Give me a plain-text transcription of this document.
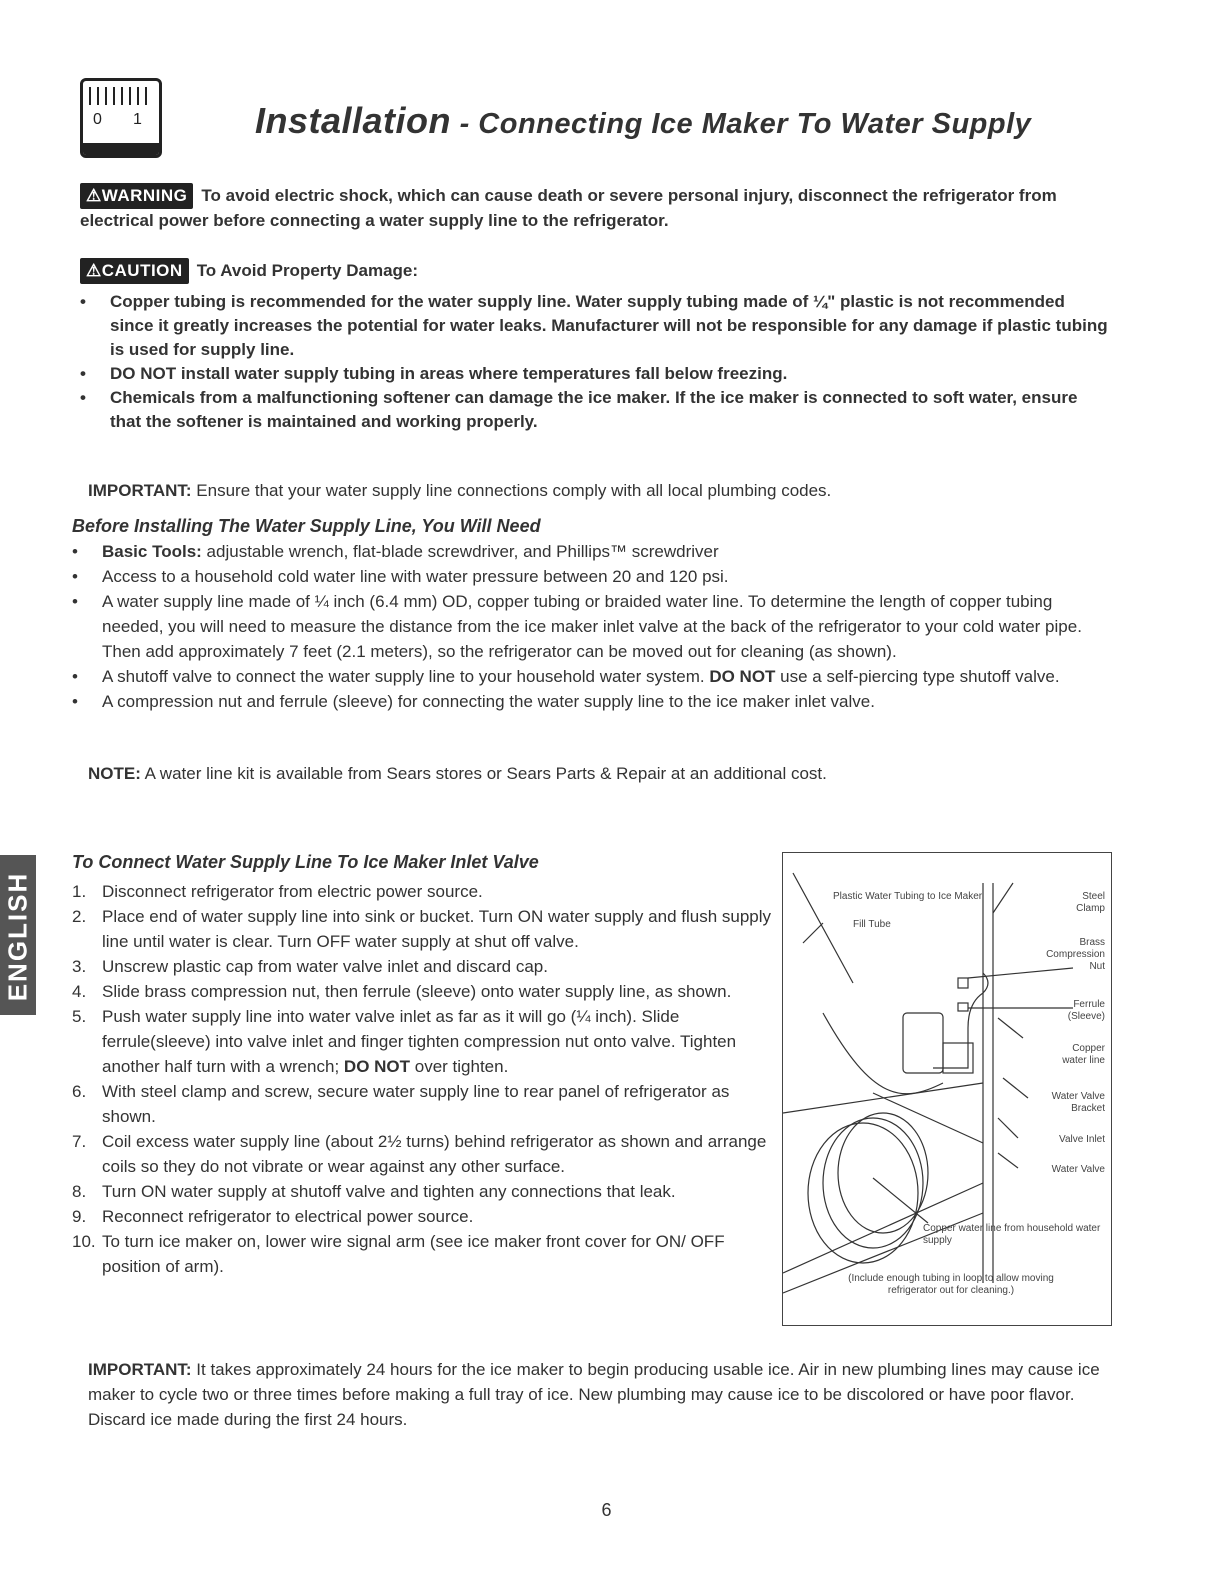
0 1	Installation - Connecting Ice Maker To Water Supply
⚠WARNING To avoid electric shock, which can cause death or severe personal injury, disconnect the refrigerator from electrical power before connecting a water supply line to the refrigerator.
⚠CAUTION To Avoid Property Damage:
• Copper tubing is recommended for the water supply line. Water supply tubing made of ¼" plastic is not recommended since it greatly increases the potential for water leaks. Manufacturer will not be responsible for any damage if plastic tubing is used for supply line.
• DO NOT install water supply tubing in areas where temperatures fall below freezing.
• Chemicals from a malfunctioning softener can damage the ice maker. If the ice maker is connected to soft water, ensure that the softener is maintained and working properly.
IMPORTANT: Ensure that your water supply line connections comply with all local plumbing codes.
Before Installing The Water Supply Line, You Will Need
• Basic Tools: adjustable wrench, flat-blade screwdriver, and Phillips™ screwdriver
• Access to a household cold water line with water pressure between 20 and 120 psi.
• A water supply line made of ¼ inch (6.4 mm) OD, copper tubing or braided water line. To determine the length of copper tubing needed, you will need to measure the distance from the ice maker inlet valve at the back of the refrigerator to your cold water pipe. Then add approximately 7 feet (2.1 meters), so the refrigerator can be moved out for cleaning (as shown).
• A shutoff valve to connect the water supply line to your household water system. DO NOT use a self-piercing type shutoff valve.
• A compression nut and ferrule (sleeve) for connecting the water supply line to the ice maker inlet valve.
NOTE: A water line kit is available from Sears stores or Sears Parts & Repair at an additional cost.
ENGLISH
To Connect Water Supply Line To Ice Maker Inlet Valve
1. Disconnect refrigerator from electric power source.
2. Place end of water supply line into sink or bucket. Turn ON water supply and flush supply line until water is clear. Turn OFF water supply at shut off valve.
3. Unscrew plastic cap from water valve inlet and discard cap.
4. Slide brass compression nut, then ferrule (sleeve) onto water supply line, as shown.
5. Push water supply line into water valve inlet as far as it will go (¼ inch). Slide ferrule(sleeve) into valve inlet and finger tighten compression nut onto valve. Tighten another half turn with a wrench; DO NOT over tighten.
6. With steel clamp and screw, secure water supply line to rear panel of refrigerator as shown.
7. Coil excess water supply line (about 2½ turns) behind refrigerator as shown and arrange coils so they do not vibrate or wear against any other surface.
8. Turn ON water supply at shutoff valve and tighten any connections that leak.
9. Reconnect refrigerator to electrical power source.
10. To turn ice maker on, lower wire signal arm (see ice maker front cover for ON/ OFF position of arm).
Plastic Water Tubing to Ice Maker
Fill Tube
Steel Clamp
Brass Compression Nut
Ferrule (Sleeve)
Copper water line
Water Valve Bracket
Valve Inlet
Water Valve
Copper water line from household water supply
(Include enough tubing in loop to allow moving refrigerator out for cleaning.)
IMPORTANT: It takes approximately 24 hours for the ice maker to begin producing usable ice. Air in new plumbing lines may cause ice maker to cycle two or three times before making a full tray of ice. New plumbing may cause ice to be discolored or have poor flavor. Discard ice made during the first 24 hours.
6
